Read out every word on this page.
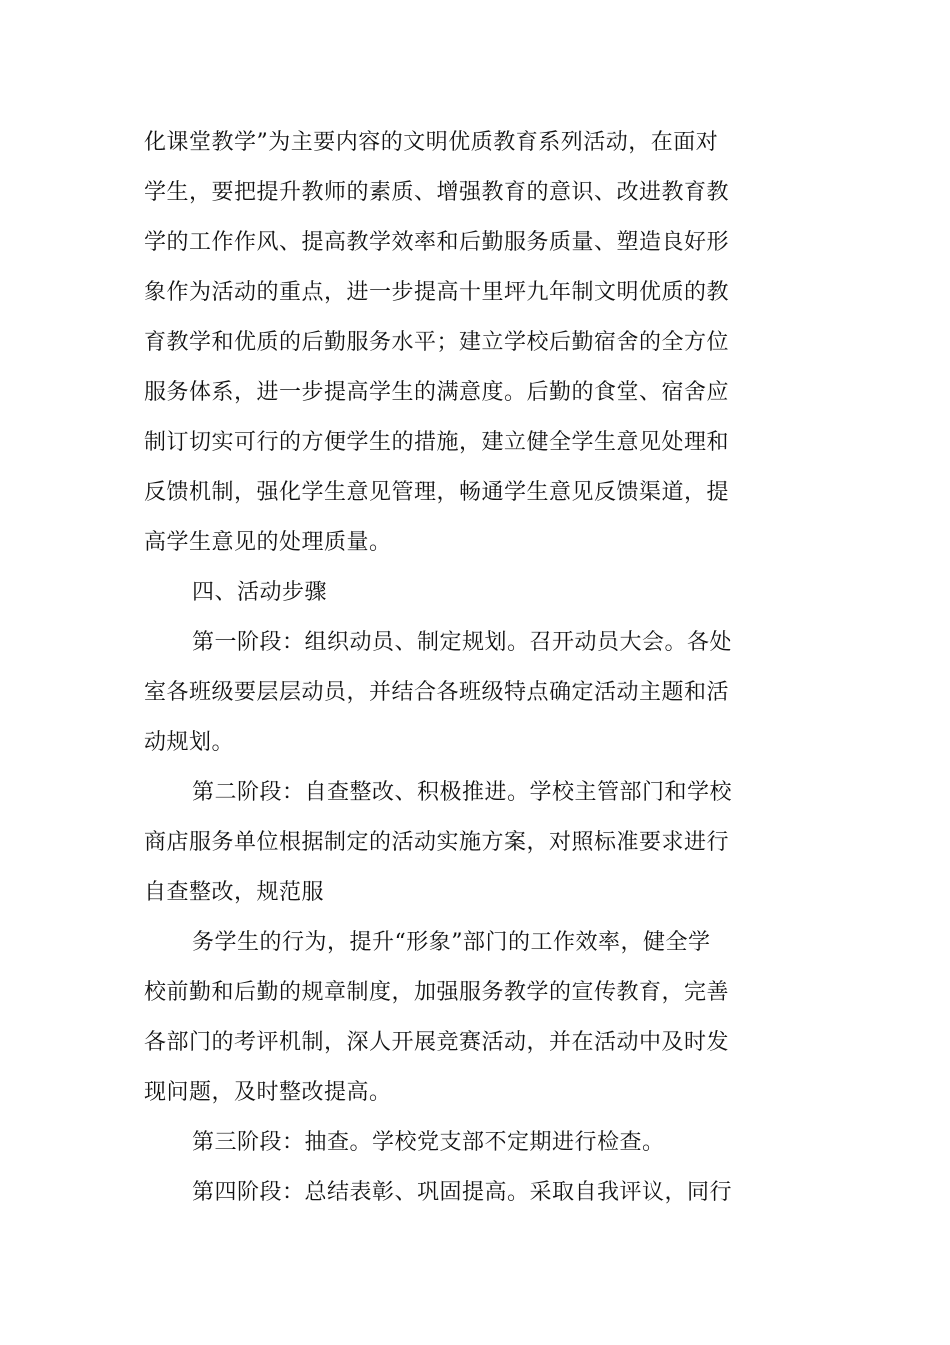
化课堂教学”为主要内容的文明优质教育系列活动，在面对
学生，要把提升教师的素质、增强教育的意识、改进教育教
学的工作作风、提高教学效率和后勤服务质量、塑造良好形
象作为活动的重点，进一步提高十里坪九年制文明优质的教
育教学和优质的后勤服务水平；建立学校后勤宿舍的全方位
服务体系，进一步提高学生的满意度。后勤的食堂、宿舍应
制订切实可行的方便学生的措施，建立健全学生意见处理和
反馈机制，强化学生意见管理，畅通学生意见反馈渠道，提
高学生意见的处理质量。
四、活动步骤
第一阶段：组织动员、制定规划。召开动员大会。各处
室各班级要层层动员，并结合各班级特点确定活动主题和活
动规划。
第二阶段：自查整改、积极推进。学校主管部门和学校
商店服务单位根据制定的活动实施方案，对照标准要求进行
自查整改，规范服
务学生的行为，提升“形象”部门的工作效率，健全学
校前勤和后勤的规章制度，加强服务教学的宣传教育，完善
各部门的考评机制，深人开展竞赛活动，并在活动中及时发
现问题，及时整改提高。
第三阶段：抽查。学校党支部不定期进行检查。
第四阶段：总结表彰、巩固提高。采取自我评议，同行
